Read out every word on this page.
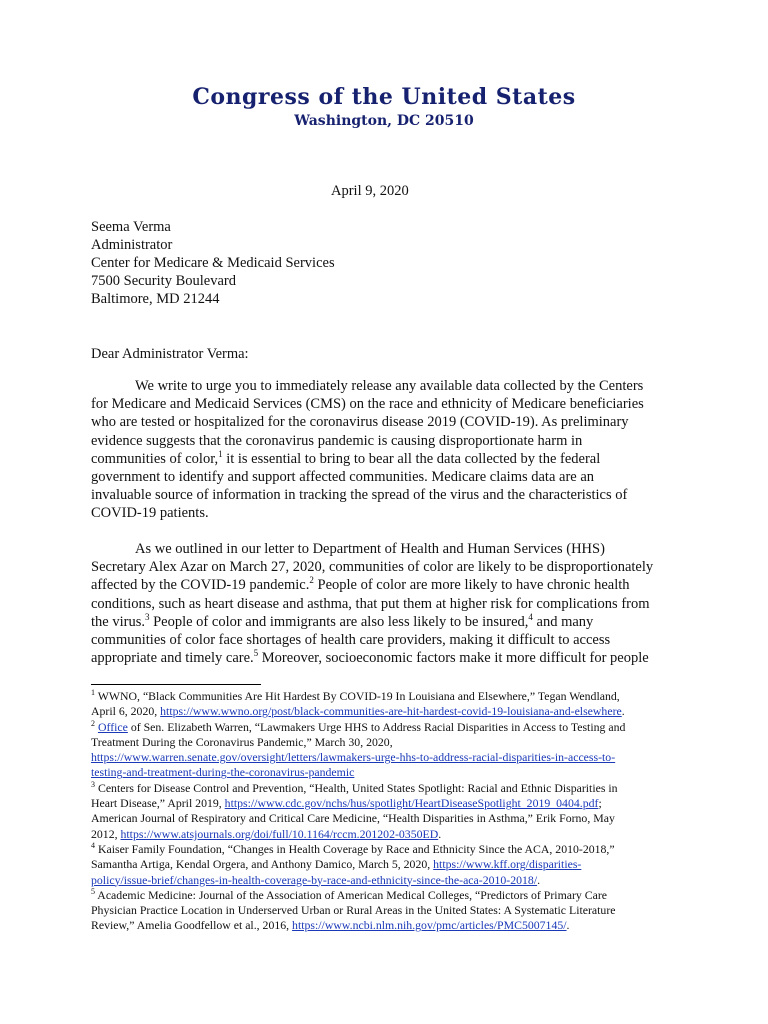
Congress of the United States
Washington, DC 20510
April 9, 2020
Seema Verma
Administrator
Center for Medicare & Medicaid Services
7500 Security Boulevard
Baltimore, MD 21244
Dear Administrator Verma:
We write to urge you to immediately release any available data collected by the Centers
for Medicare and Medicaid Services (CMS) on the race and ethnicity of Medicare beneficiaries
who are tested or hospitalized for the coronavirus disease 2019 (COVID-19). As preliminary
evidence suggests that the coronavirus pandemic is causing disproportionate harm in
communities of color,$^1$ it is essential to bring to bear all the data collected by the federal
government to identify and support affected communities. Medicare claims data are an
invaluable source of information in tracking the spread of the virus and the characteristics of
COVID-19 patients.
As we outlined in our letter to Department of Health and Human Services (HHS)
Secretary Alex Azar on March 27, 2020, communities of color are likely to be disproportionately
affected by the COVID-19 pandemic.$^2$ People of color are more likely to have chronic health
conditions, such as heart disease and asthma, that put them at higher risk for complications from
the virus.$^3$ People of color and immigrants are also less likely to be insured,$^4$ and many
communities of color face shortages of health care providers, making it difficult to access
appropriate and timely care.$^5$ Moreover, socioeconomic factors make it more difficult for people
$^1$ WWNO, “Black Communities Are Hit Hardest By COVID-19 In Louisiana and Elsewhere,” Tegan Wendland,
April 6, 2020, https://www.wwno.org/post/black-communities-are-hit-hardest-covid-19-louisiana-and-elsewhere.
$^2$ Office of Sen. Elizabeth Warren, “Lawmakers Urge HHS to Address Racial Disparities in Access to Testing and
Treatment During the Coronavirus Pandemic,” March 30, 2020,
https://www.warren.senate.gov/oversight/letters/lawmakers-urge-hhs-to-address-racial-disparities-in-access-to-
testing-and-treatment-during-the-coronavirus-pandemic
$^3$ Centers for Disease Control and Prevention, “Health, United States Spotlight: Racial and Ethnic Disparities in
Heart Disease,” April 2019, https://www.cdc.gov/nchs/hus/spotlight/HeartDiseaseSpotlight_2019_0404.pdf;
American Journal of Respiratory and Critical Care Medicine, “Health Disparities in Asthma,” Erik Forno, May
2012, https://www.atsjournals.org/doi/full/10.1164/rccm.201202-0350ED.
$^4$ Kaiser Family Foundation, “Changes in Health Coverage by Race and Ethnicity Since the ACA, 2010-2018,”
Samantha Artiga, Kendal Orgera, and Anthony Damico, March 5, 2020, https://www.kff.org/disparities-
policy/issue-brief/changes-in-health-coverage-by-race-and-ethnicity-since-the-aca-2010-2018/.
$^5$ Academic Medicine: Journal of the Association of American Medical Colleges, “Predictors of Primary Care
Physician Practice Location in Underserved Urban or Rural Areas in the United States: A Systematic Literature
Review,” Amelia Goodfellow et al., 2016, https://www.ncbi.nlm.nih.gov/pmc/articles/PMC5007145/.
